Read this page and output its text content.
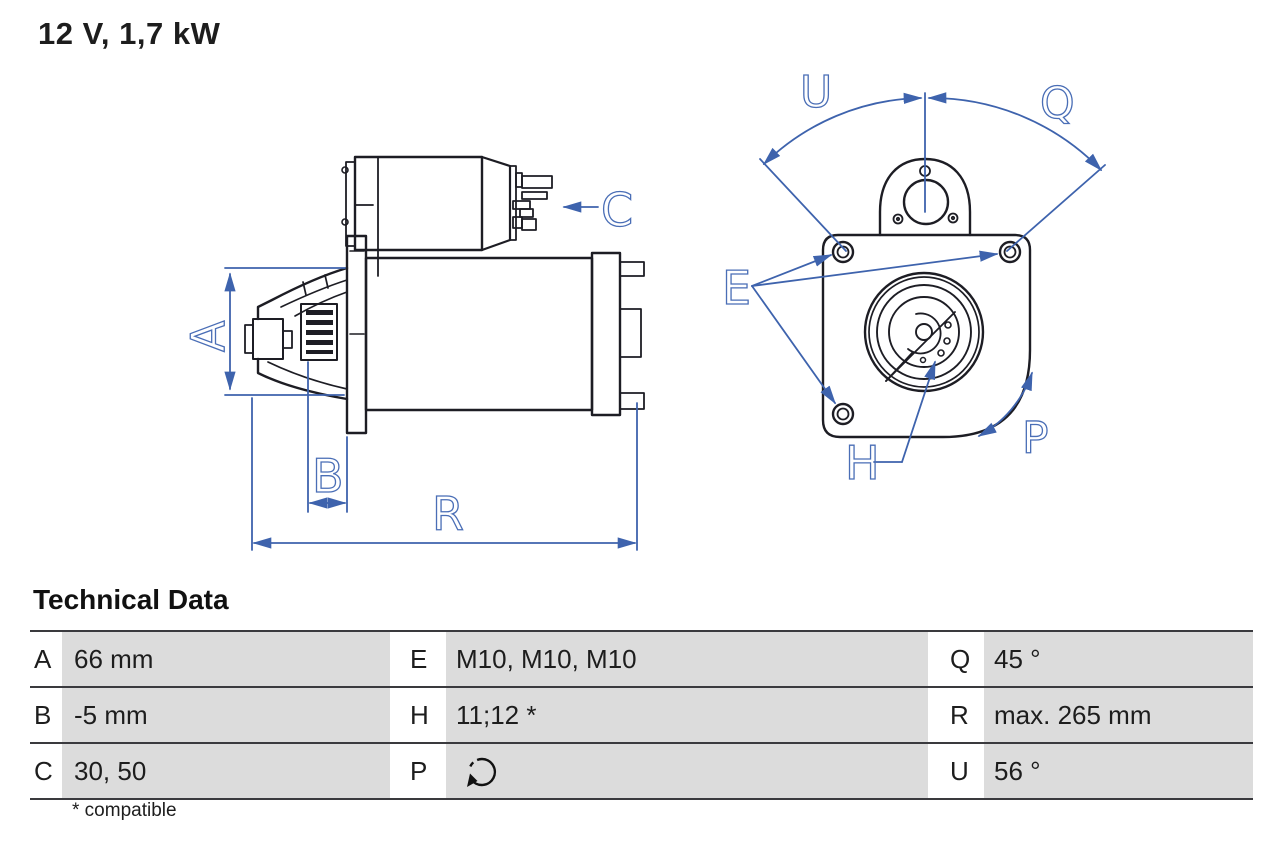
12 V, 1,7 kW
A
B
R
C
U	Q
E
H	P
Technical Data
A 66 mm	E	M10, M10, M10	Q 45 °
B -5 mm	H	11;12 *	R max. 265 mm
C 30, 50	P	U 56 °
* compatible
